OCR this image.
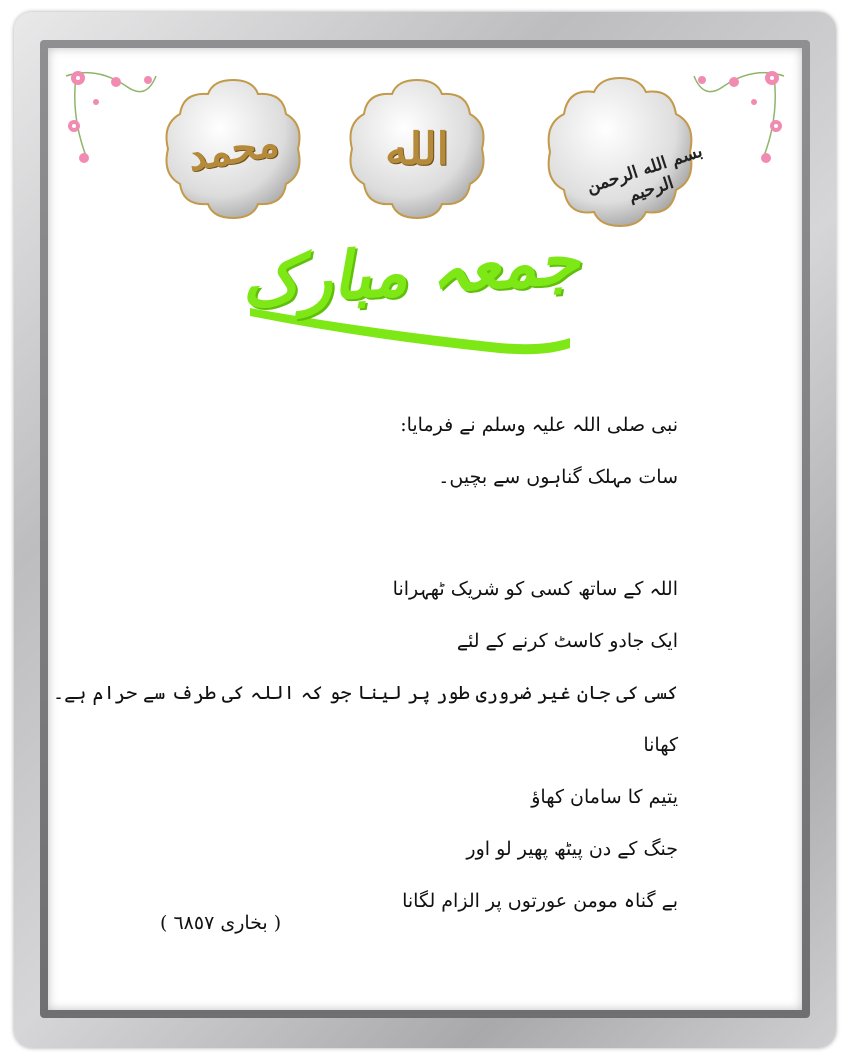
محمد	الله	بسم الله الرحمن الرحيم
جمعہ مبارک
نبی صلی اللہ علیہ وسلم نے فرمایا:
سات مہلک گناہوں سے بچیں۔
اللہ کے ساتھ کسی کو شریک ٹھہرانا
ایک جادو کاسٹ کرنے کے لئے
کسی کی جان غیر ضروری طور پر لینا جو کہ اللہ کی طرف سے حرام ہے۔
کھانا
یتیم کا سامان کھاؤ
جنگ کے دن پیٹھ پھیر لو اور
بے گناہ مومن عورتوں پر الزام لگانا
( بخاری ٦٨٥٧ )
